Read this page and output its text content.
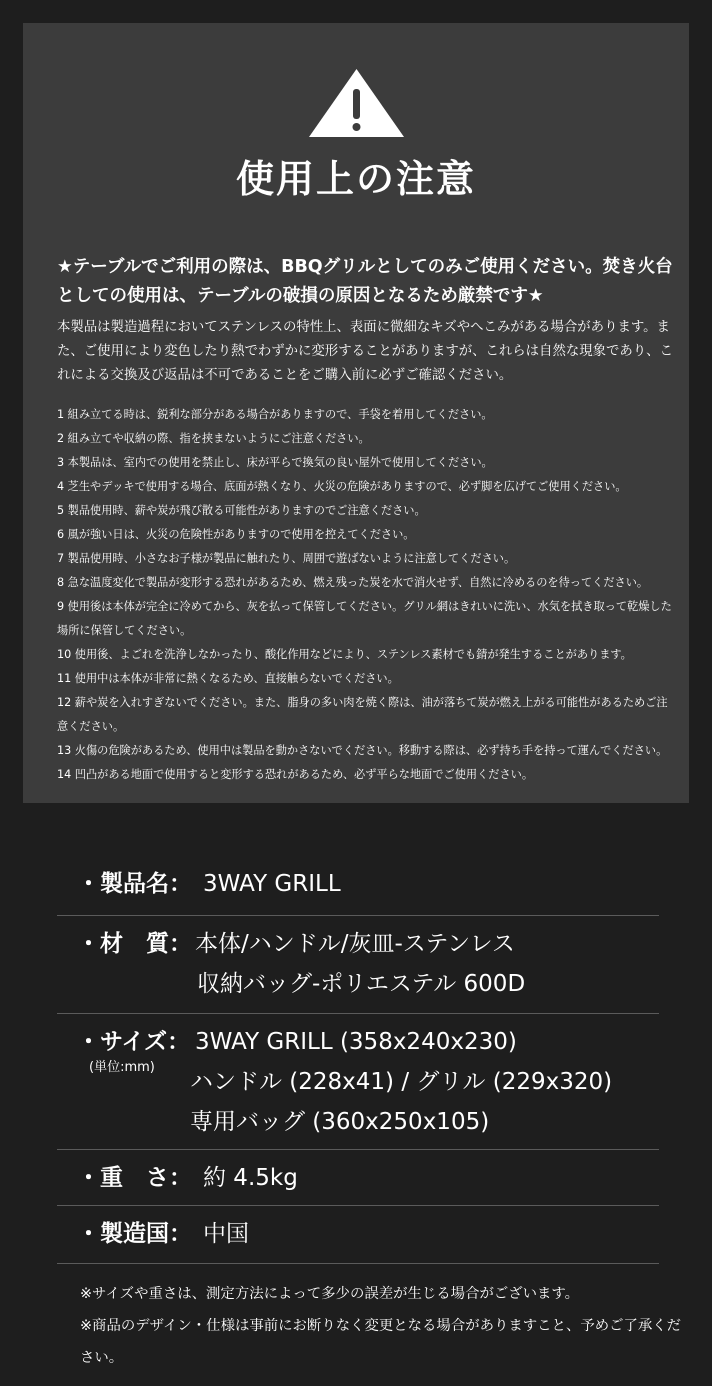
使用上の注意

★テーブルでご利用の際は、BBQグリルとしてのみご使用ください。焚き火台としての使用は、テーブルの破損の原因となるため厳禁です★

本製品は製造過程においてステンレスの特性上、表面に微細なキズやへこみがある場合があります。また、ご使用により変色したり熱でわずかに変形することがありますが、これらは自然な現象であり、これによる交換及び返品は不可であることをご購入前に必ずご確認ください。

1 組み立てる時は、鋭利な部分がある場合がありますので、手袋を着用してください。
2 組み立てや収納の際、指を挟まないようにご注意ください。
3 本製品は、室内での使用を禁止し、床が平らで換気の良い屋外で使用してください。
4 芝生やデッキで使用する場合、底面が熱くなり、火災の危険がありますので、必ず脚を広げてご使用ください。
5 製品使用時、薪や炭が飛び散る可能性がありますのでご注意ください。
6 風が強い日は、火災の危険性がありますので使用を控えてください。
7 製品使用時、小さなお子様が製品に触れたり、周囲で遊ばないように注意してください。
8 急な温度変化で製品が変形する恐れがあるため、燃え残った炭を水で消火せず、自然に冷めるのを待ってください。
9 使用後は本体が完全に冷めてから、灰を払って保管してください。グリル網はきれいに洗い、水気を拭き取って乾燥した場所に保管してください。
10 使用後、よごれを洗浄しなかったり、酸化作用などにより、ステンレス素材でも錆が発生することがあります。
11 使用中は本体が非常に熱くなるため、直接触らないでください。
12 薪や炭を入れすぎないでください。また、脂身の多い肉を焼く際は、油が落ちて炭が燃え上がる可能性があるためご注意ください。
13 火傷の危険があるため、使用中は製品を動かさないでください。移動する際は、必ず持ち手を持って運んでください。
14 凹凸がある地面で使用すると変形する恐れがあるため、必ず平らな地面でご使用ください。
・製品名： 3WAY GRILL
・材　質： 本体/ハンドル/灰皿-ステンレス
収納バッグ-ポリエステル 600D
・サイズ：
(単位:mm)
3WAY GRILL (358x240x230)
ハンドル (228x41) / グリル (229x320)
専用バッグ (360x250x105)
・重　さ： 約 4.5kg
・製造国： 中国
※サイズや重さは、測定方法によって多少の誤差が生じる場合がございます。
※商品のデザイン・仕様は事前にお断りなく変更となる場合がありますこと、予めご了承ください。
